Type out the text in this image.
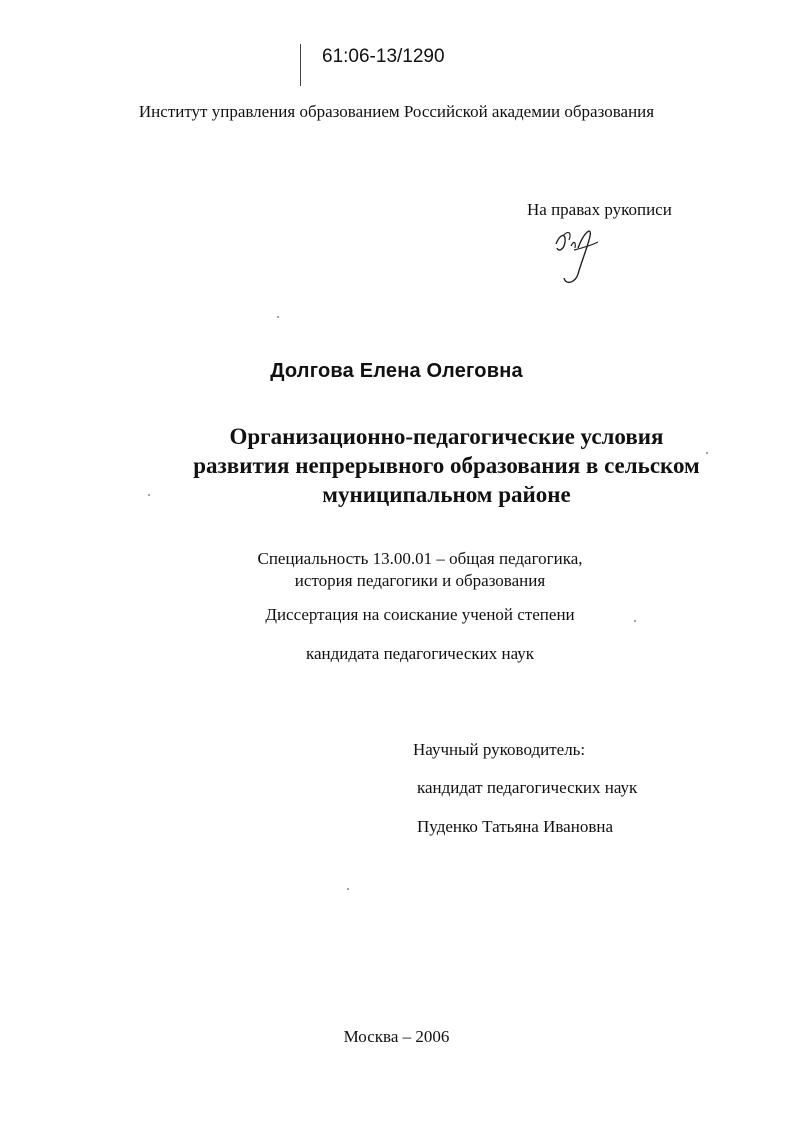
61:06-13/1290
Институт управления образованием Российской академии образования
На правах рукописи
Долгова Елена Олеговна
Организационно-педагогические условия
развития непрерывного образования в сельском
муниципальном районе
Специальность 13.00.01 – общая педагогика,
история педагогики и образования
Диссертация на соискание ученой степени
кандидата педагогических наук
Научный руководитель:
кандидат педагогических наук
Пуденко Татьяна Ивановна
Москва – 2006
